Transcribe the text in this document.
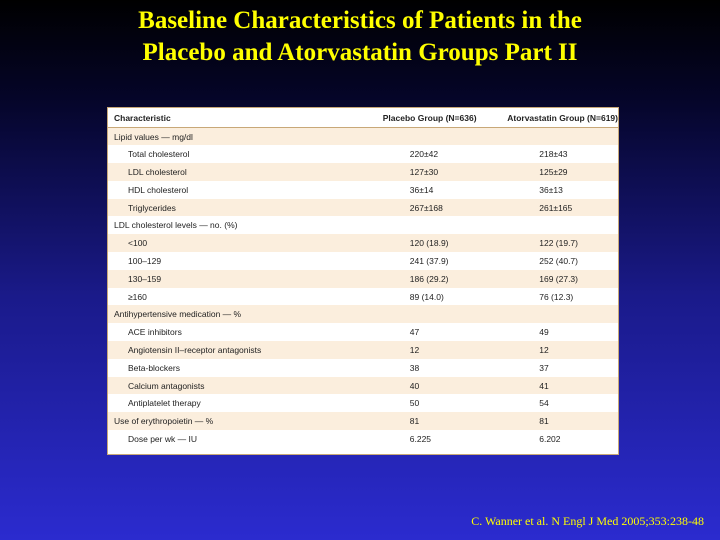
Baseline Characteristics of Patients in the
Placebo and Atorvastatin Groups Part II
Characteristic	Placebo Group (N=636)	Atorvastatin Group (N=619)
Lipid values — mg/dl		
Total cholesterol	220±42	218±43
LDL cholesterol	127±30	125±29
HDL cholesterol	36±14	36±13
Triglycerides	267±168	261±165
LDL cholesterol levels — no. (%)		
<100	120 (18.9)	122 (19.7)
100–129	241 (37.9)	252 (40.7)
130–159	186 (29.2)	169 (27.3)
≥160	89 (14.0)	76 (12.3)
Antihypertensive medication — %		
ACE inhibitors	47	49
Angiotensin II–receptor antagonists	12	12
Beta-blockers	38	37
Calcium antagonists	40	41
Antiplatelet therapy	50	54
Use of erythropoietin — %	81	81
Dose per wk — IU	6.225	6.202
C. Wanner et al. N Engl J Med 2005;353:238-48
